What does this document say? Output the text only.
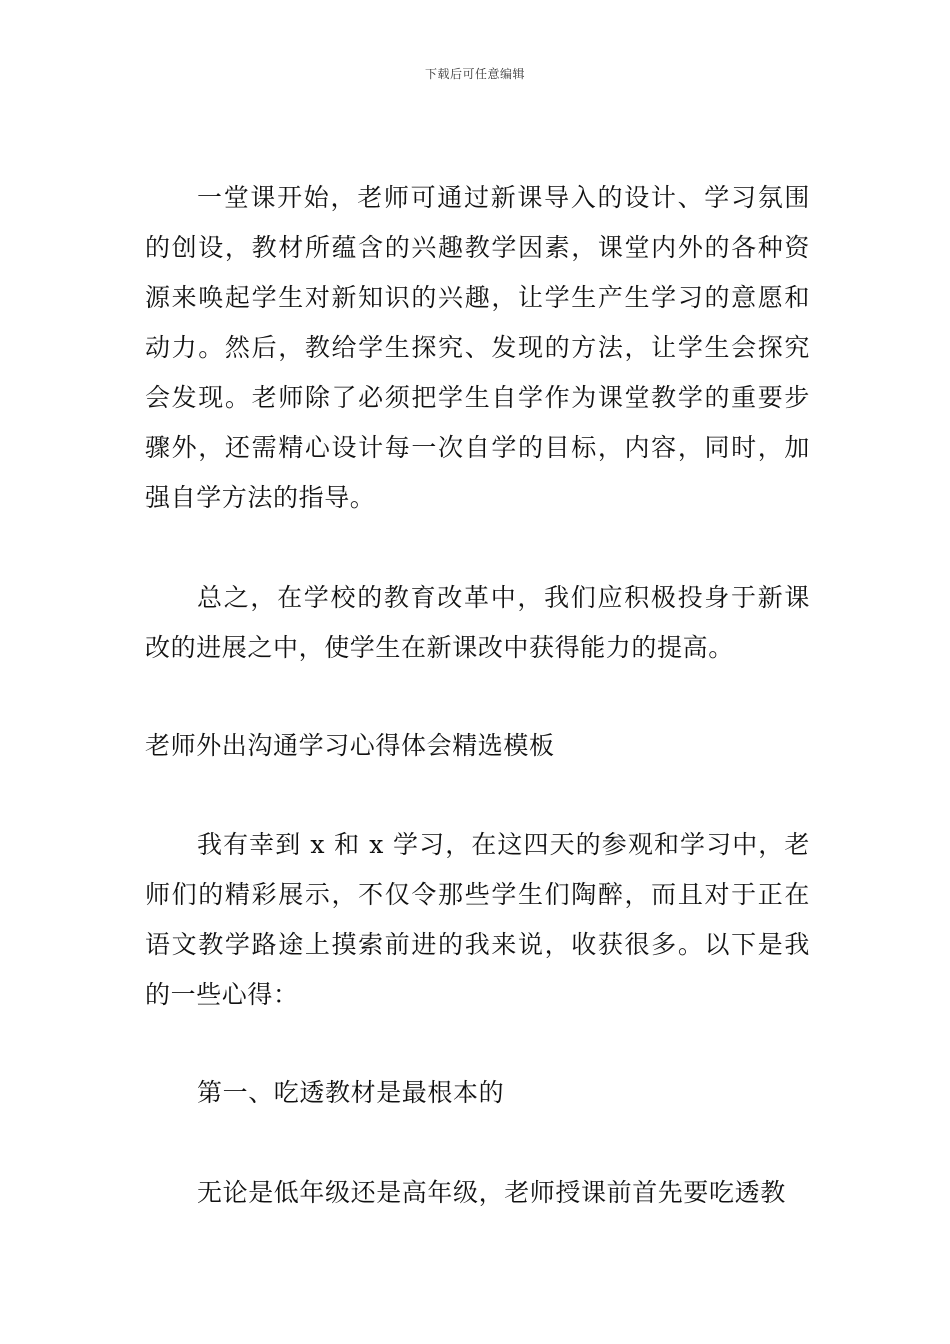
下载后可任意编辑

一堂课开始，老师可通过新课导入的设计、学习氛围的创设，教材所蕴含的兴趣教学因素，课堂内外的各种资源来唤起学生对新知识的兴趣，让学生产生学习的意愿和动力。然后，教给学生探究、发现的方法，让学生会探究会发现。老师除了必须把学生自学作为课堂教学的重要步骤外，还需精心设计每一次自学的目标，内容，同时，加强自学方法的指导。

总之，在学校的教育改革中，我们应积极投身于新课改的进展之中，使学生在新课改中获得能力的提高。

老师外出沟通学习心得体会精选模板

我有幸到 x 和 x 学习，在这四天的参观和学习中，老师们的精彩展示，不仅令那些学生们陶醉，而且对于正在语文教学路途上摸索前进的我来说，收获很多。以下是我的一些心得：

第一、吃透教材是最根本的

无论是低年级还是高年级，老师授课前首先要吃透教
